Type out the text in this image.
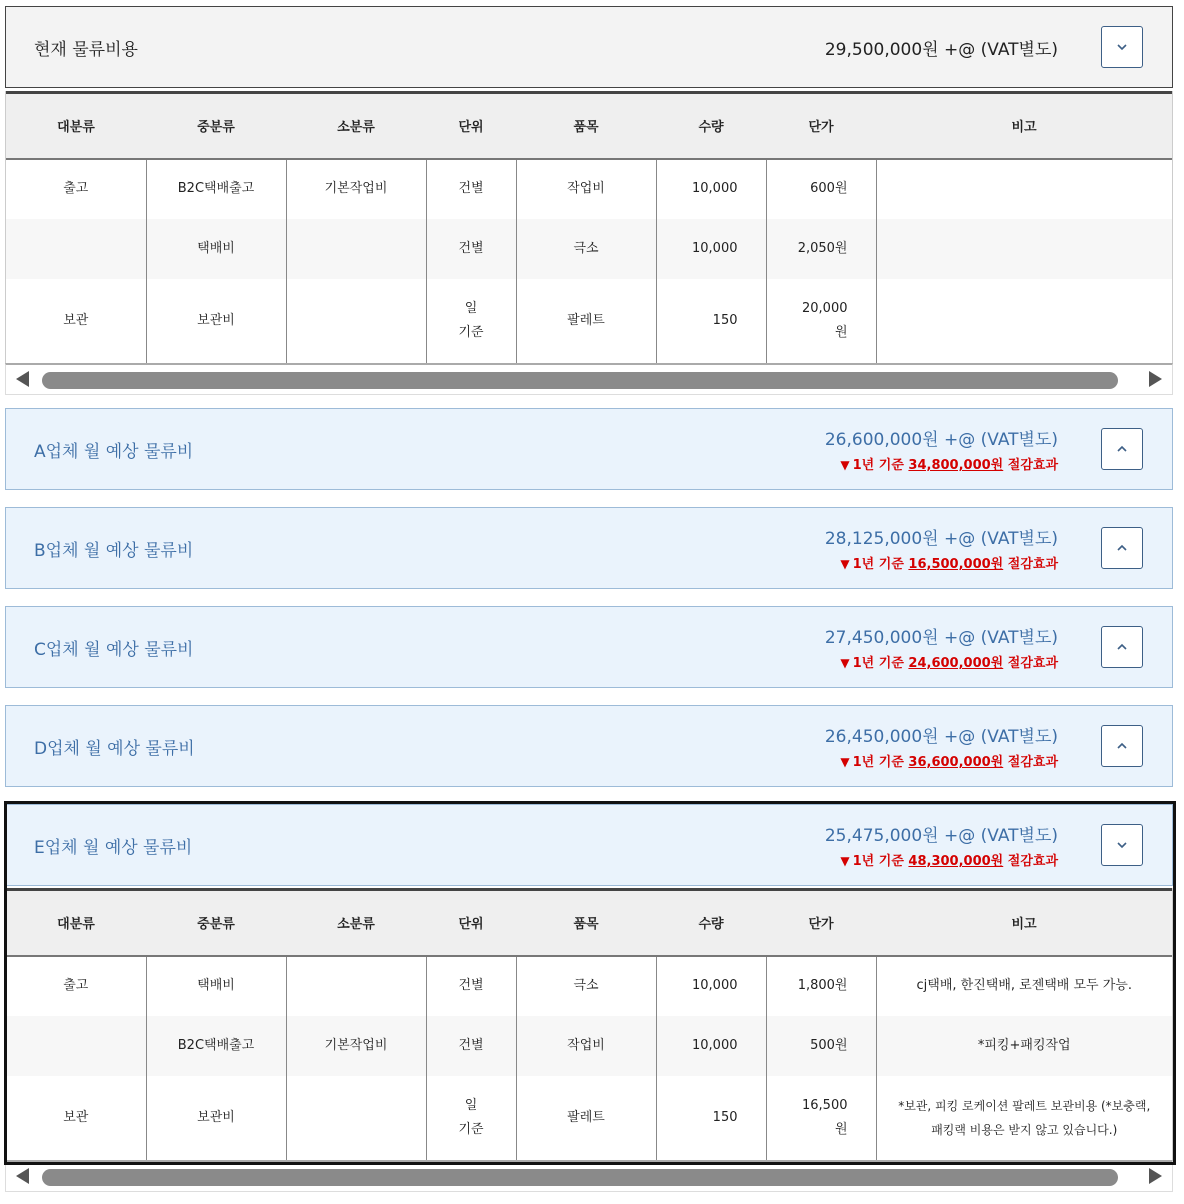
현재 물류비용	29,500,000원 +@ (VAT별도)
대분류	중분류	소분류	단위	품목	수량	단가	비고
출고	B2C택배출고	기본작업비	건별	작업비	10,000	600원	
	택배비		건별	극소	10,000	2,050원	
보관	보관비		일 기준	팔레트	150	20,000원	
A업체 월 예상 물류비
26,600,000원 +@ (VAT별도)
▼ 1년 기준 34,800,000원 절감효과
B업체 월 예상 물류비
28,125,000원 +@ (VAT별도)
▼ 1년 기준 16,500,000원 절감효과
C업체 월 예상 물류비
27,450,000원 +@ (VAT별도)
▼ 1년 기준 24,600,000원 절감효과
D업체 월 예상 물류비
26,450,000원 +@ (VAT별도)
▼ 1년 기준 36,600,000원 절감효과
E업체 월 예상 물류비
25,475,000원 +@ (VAT별도)
▼ 1년 기준 48,300,000원 절감효과
대분류	중분류	소분류	단위	품목	수량	단가	비고
출고	택배비		건별	극소	10,000	1,800원	cj택배, 한진택배, 로젠택배 모두 가능.
	B2C택배출고	기본작업비	건별	작업비	10,000	500원	*피킹+패킹작업
보관	보관비		일 기준	팔레트	150	16,500원	*보관, 피킹 로케이션 팔레트 보관비용 (*보충랙, 패킹랙 비용은 받지 않고 있습니다.)
